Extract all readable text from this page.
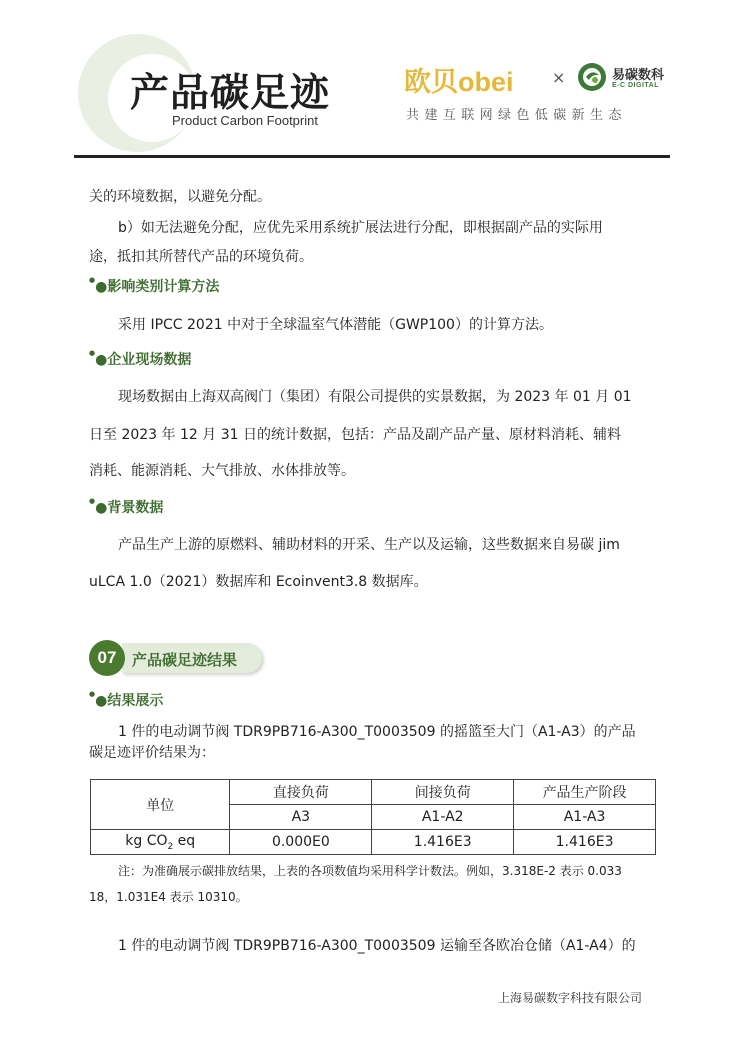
产品碳足迹
Product Carbon Footprint
欧贝obei ×	易碳数科
E-C DIGITAL
共建互联网绿色低碳新生态
关的环境数据，以避免分配。
b）如无法避免分配，应优先采用系统扩展法进行分配，即根据副产品的实际用
途，抵扣其所替代产品的环境负荷。
●●影响类别计算方法
采用 IPCC 2021 中对于全球温室气体潜能（GWP100）的计算方法。
●●企业现场数据
现场数据由上海双高阀门（集团）有限公司提供的实景数据，为 2023 年 01 月 01
日至 2023 年 12 月 31 日的统计数据，包括：产品及副产品产量、原材料消耗、辅料
消耗、能源消耗、大气排放、水体排放等。
●●背景数据
产品生产上游的原燃料、辅助材料的开采、生产以及运输，这些数据来自易碳 jim
uLCA 1.0（2021）数据库和 Ecoinvent3.8 数据库。
07	产品碳足迹结果
●●结果展示
1 件的电动调节阀 TDR9PB716-A300_T0003509 的摇篮至大门（A1-A3）的产品
碳足迹评价结果为：
单位	直接负荷	间接负荷	产品生产阶段
	A3	A1-A2	A1-A3
kg $CO_2$ eq	0.000E0	1.416E3	1.416E3
注：为准确展示碳排放结果，上表的各项数值均采用科学计数法。例如，3.318E-2 表示 0.033
18，1.031E4 表示 10310。
1 件的电动调节阀 TDR9PB716-A300_T0003509 运输至各欧冶仓储（A1-A4）的
上海易碳数字科技有限公司
